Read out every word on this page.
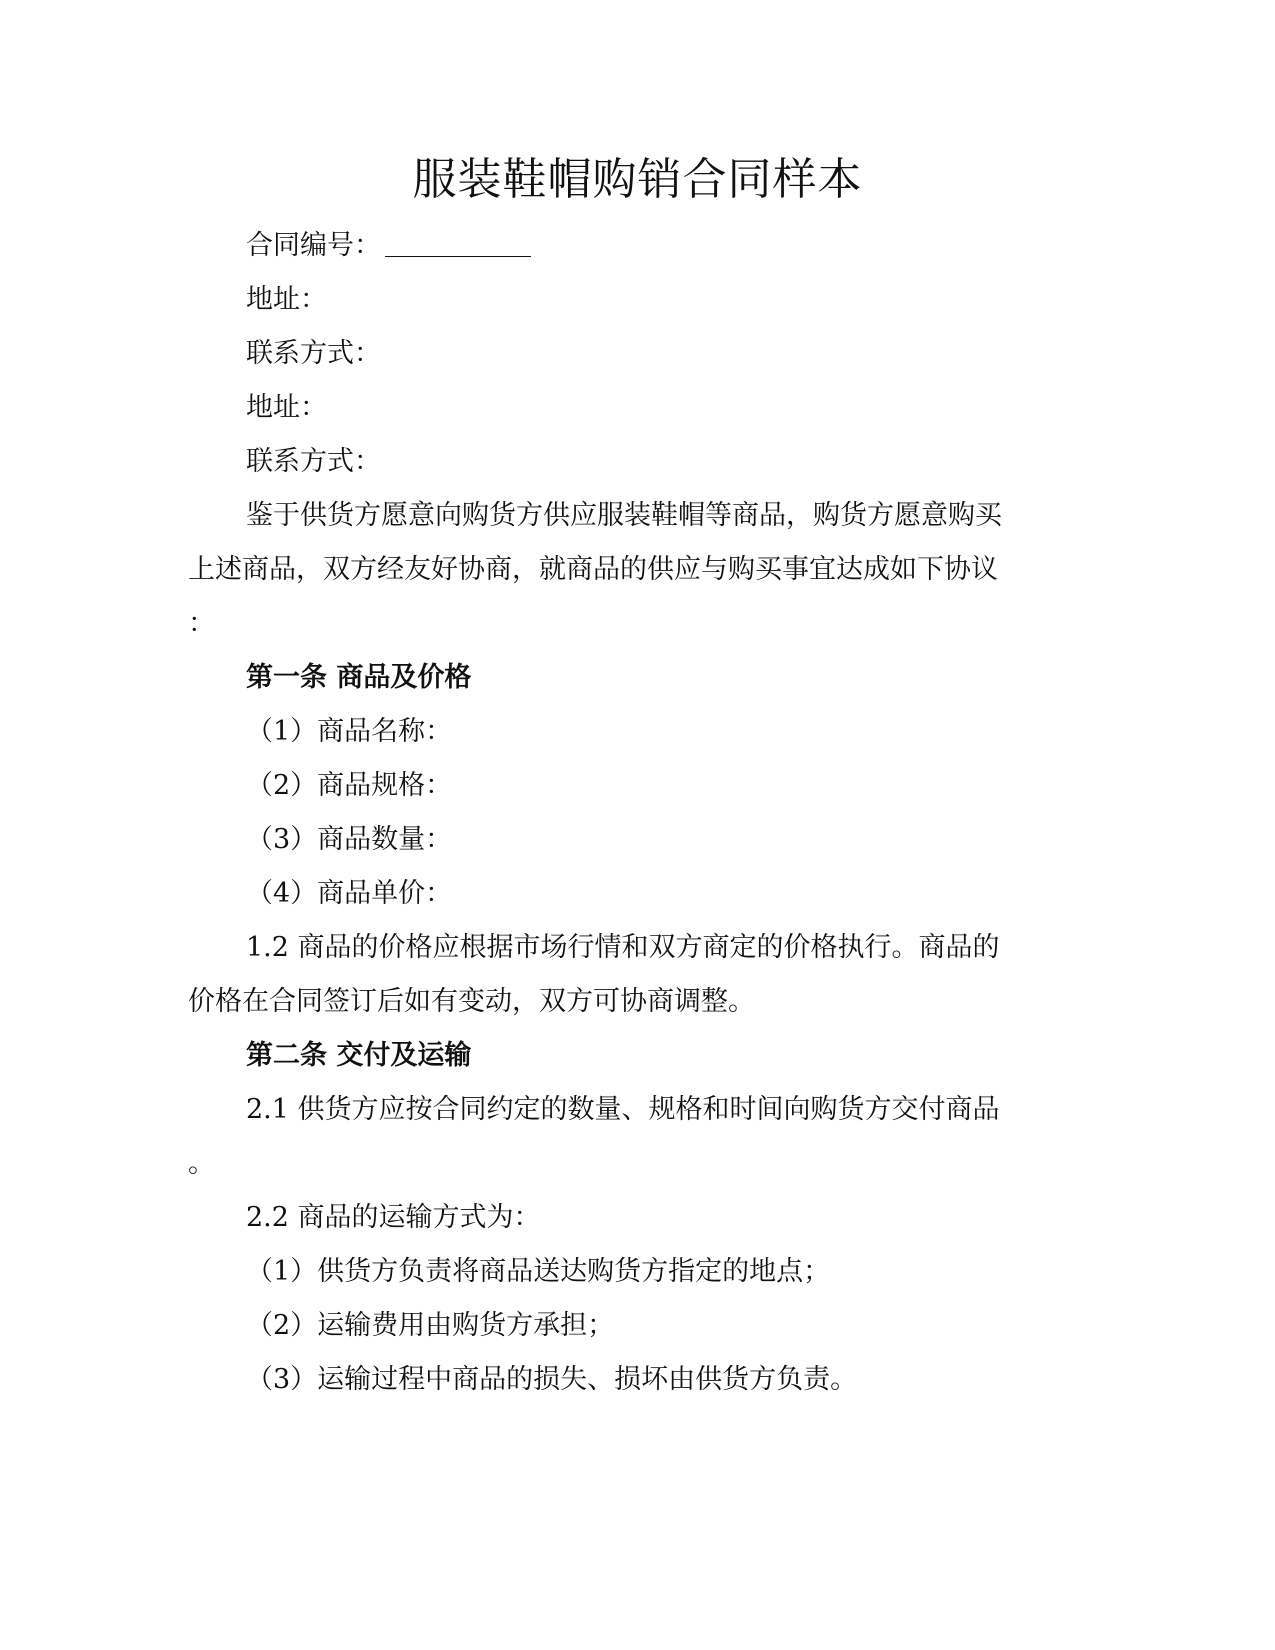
服装鞋帽购销合同样本
合同编号：
地址：
联系方式：
地址：
联系方式：
鉴于供货方愿意向购货方供应服装鞋帽等商品，购货方愿意购买
上述商品，双方经友好协商，就商品的供应与购买事宜达成如下协议
：
第一条 商品及价格
（1）商品名称：
（2）商品规格：
（3）商品数量：
（4）商品单价：
1.2 商品的价格应根据市场行情和双方商定的价格执行。商品的
价格在合同签订后如有变动，双方可协商调整。
第二条 交付及运输
2.1 供货方应按合同约定的数量、规格和时间向购货方交付商品
。
2.2 商品的运输方式为：
（1）供货方负责将商品送达购货方指定的地点；
（2）运输费用由购货方承担；
（3）运输过程中商品的损失、损坏由供货方负责。
